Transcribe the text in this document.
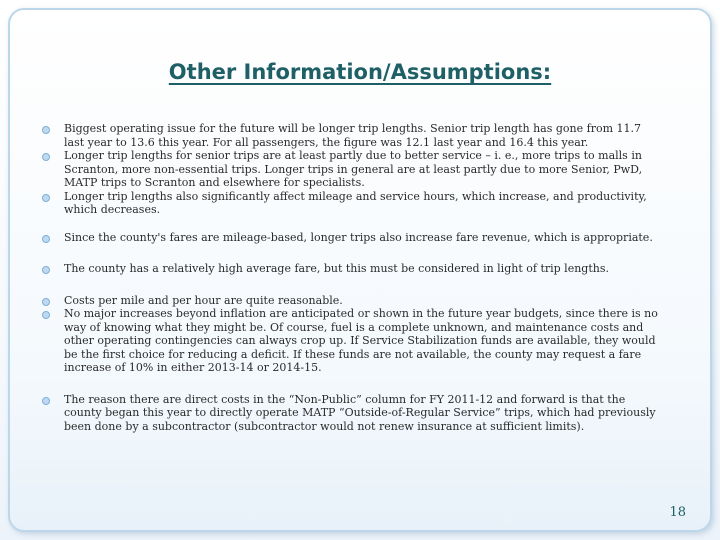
Other Information/Assumptions:
Biggest operating issue for the future will be longer trip lengths. Senior trip length has gone from 11.7 last year to 13.6 this year. For all passengers, the figure was 12.1 last year and 16.4 this year.
Longer trip lengths for senior trips are at least partly due to better service – i. e., more trips to malls in Scranton, more non-essential trips. Longer trips in general are at least partly due to more Senior, PwD, MATP trips to Scranton and elsewhere for specialists.
Longer trip lengths also significantly affect mileage and service hours, which increase, and productivity, which decreases.
Since the county's fares are mileage-based, longer trips also increase fare revenue, which is appropriate.
The county has a relatively high average fare, but this must be considered in light of trip lengths.
Costs per mile and per hour are quite reasonable.
No major increases beyond inflation are anticipated or shown in the future year budgets, since there is no way of knowing what they might be. Of course, fuel is a complete unknown, and maintenance costs and other operating contingencies can always crop up. If Service Stabilization funds are available, they would be the first choice for reducing a deficit. If these funds are not available, the county may request a fare increase of 10% in either 2013-14 or 2014-15.
The reason there are direct costs in the “Non-Public” column for FY 2011-12 and forward is that the county began this year to directly operate MATP “Outside-of-Regular Service” trips, which had previously been done by a subcontractor (subcontractor would not renew insurance at sufficient limits).
18
